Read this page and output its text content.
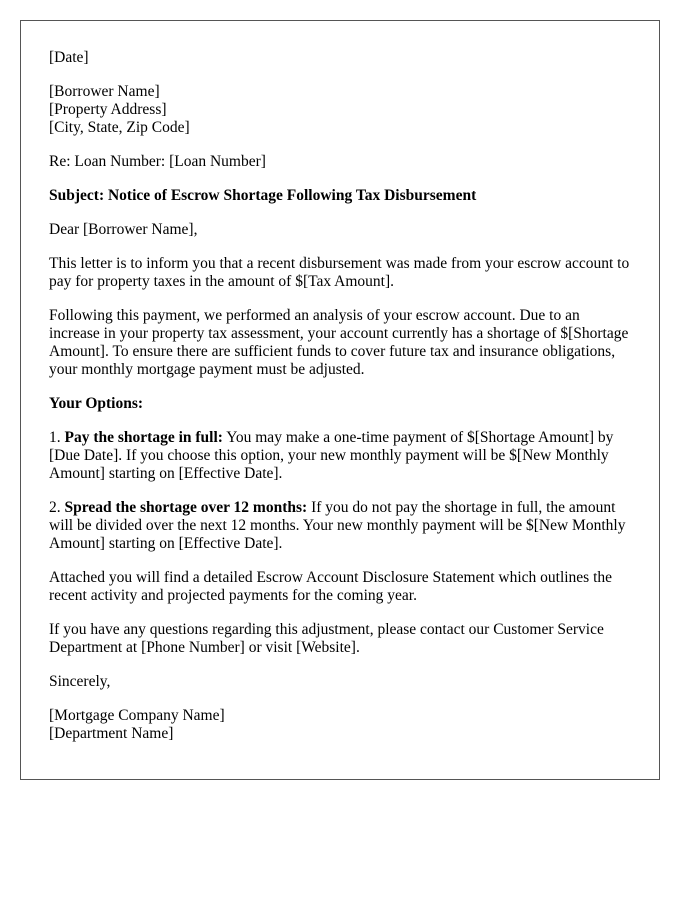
[Date]

[Borrower Name]
[Property Address]
[City, State, Zip Code]

Re: Loan Number: [Loan Number]

Subject: Notice of Escrow Shortage Following Tax Disbursement

Dear [Borrower Name],

This letter is to inform you that a recent disbursement was made from your escrow account to pay for property taxes in the amount of $[Tax Amount].

Following this payment, we performed an analysis of your escrow account. Due to an increase in your property tax assessment, your account currently has a shortage of $[Shortage Amount]. To ensure there are sufficient funds to cover future tax and insurance obligations, your monthly mortgage payment must be adjusted.

Your Options:

1. Pay the shortage in full: You may make a one-time payment of $[Shortage Amount] by [Due Date]. If you choose this option, your new monthly payment will be $[New Monthly Amount] starting on [Effective Date].

2. Spread the shortage over 12 months: If you do not pay the shortage in full, the amount will be divided over the next 12 months. Your new monthly payment will be $[New Monthly Amount] starting on [Effective Date].

Attached you will find a detailed Escrow Account Disclosure Statement which outlines the recent activity and projected payments for the coming year.

If you have any questions regarding this adjustment, please contact our Customer Service Department at [Phone Number] or visit [Website].

Sincerely,

[Mortgage Company Name]
[Department Name]
